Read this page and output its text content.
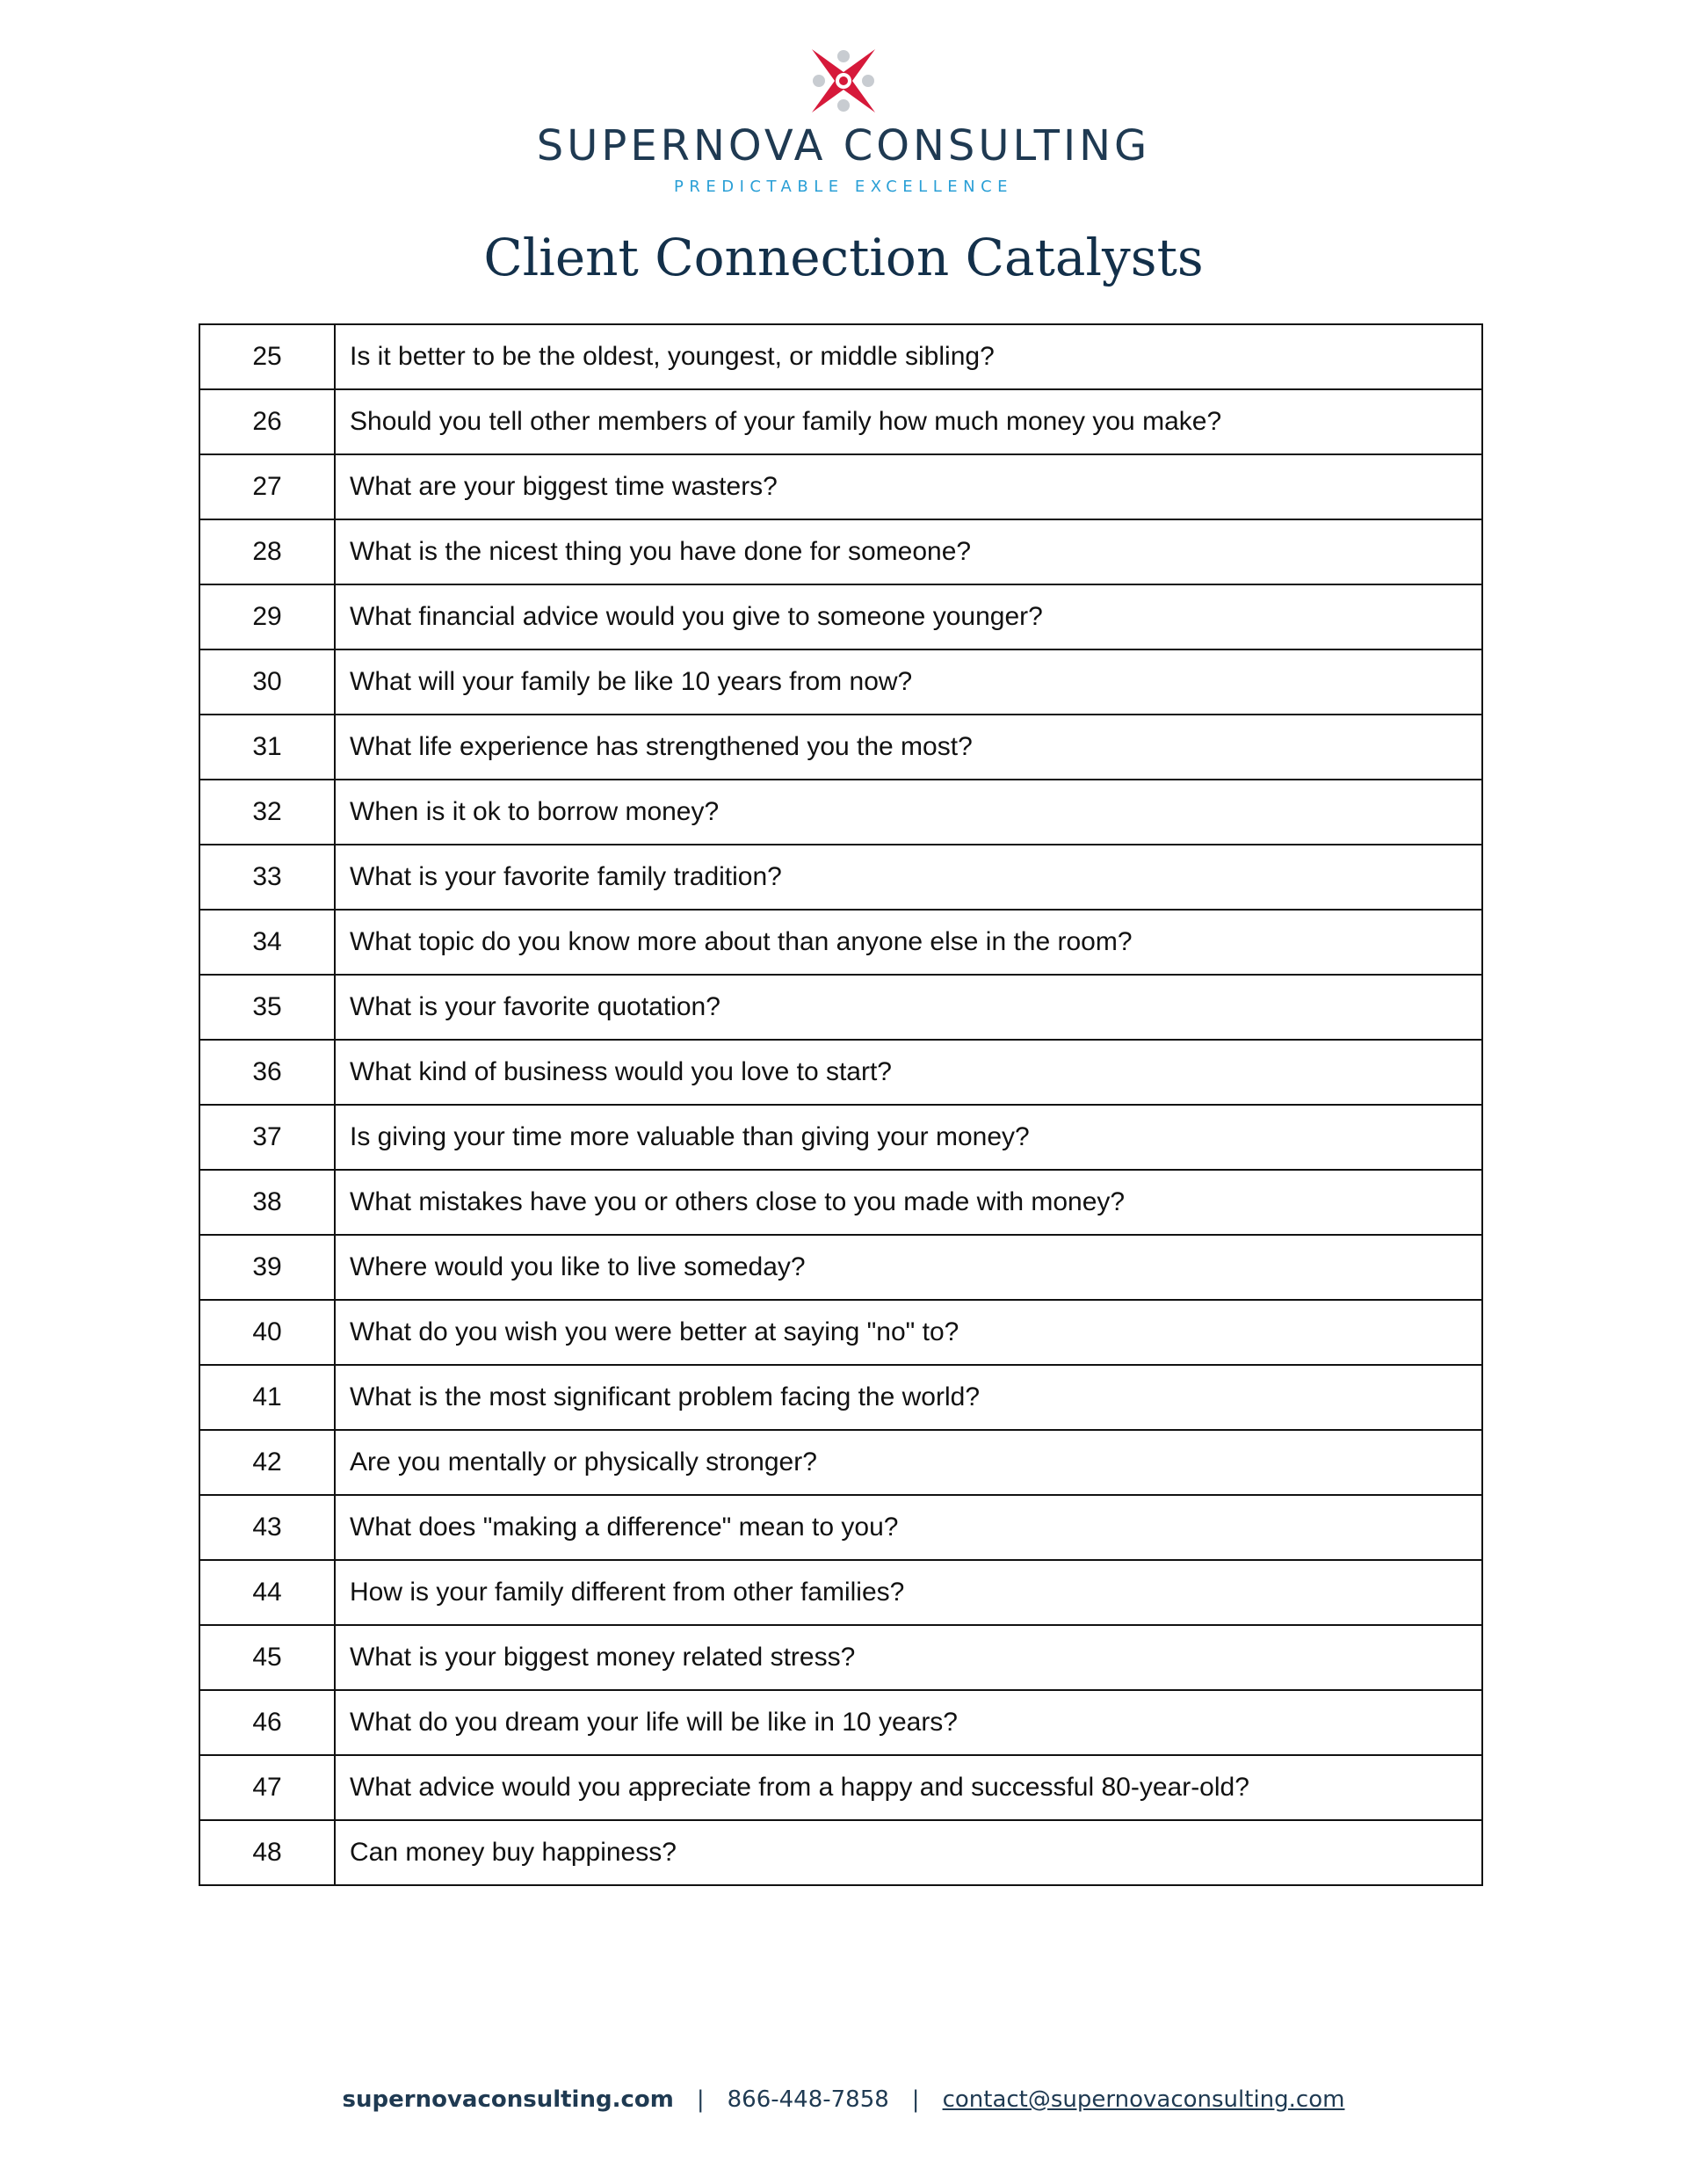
SUPERNOVA CONSULTING
PREDICTABLE EXCELLENCE
Client Connection Catalysts
25	Is it better to be the oldest, youngest, or middle sibling?
26	Should you tell other members of your family how much money you make?
27	What are your biggest time wasters?
28	What is the nicest thing you have done for someone?
29	What financial advice would you give to someone younger?
30	What will your family be like 10 years from now?
31	What life experience has strengthened you the most?
32	When is it ok to borrow money?
33	What is your favorite family tradition?
34	What topic do you know more about than anyone else in the room?
35	What is your favorite quotation?
36	What kind of business would you love to start?
37	Is giving your time more valuable than giving your money?
38	What mistakes have you or others close to you made with money?
39	Where would you like to live someday?
40	What do you wish you were better at saying "no" to?
41	What is the most significant problem facing the world?
42	Are you mentally or physically stronger?
43	What does "making a difference" mean to you?
44	How is your family different from other families?
45	What is your biggest money related stress?
46	What do you dream your life will be like in 10 years?
47	What advice would you appreciate from a happy and successful 80-year-old?
48	Can money buy happiness?
supernovaconsulting.com | 866-448-7858 | contact@supernovaconsulting.com
